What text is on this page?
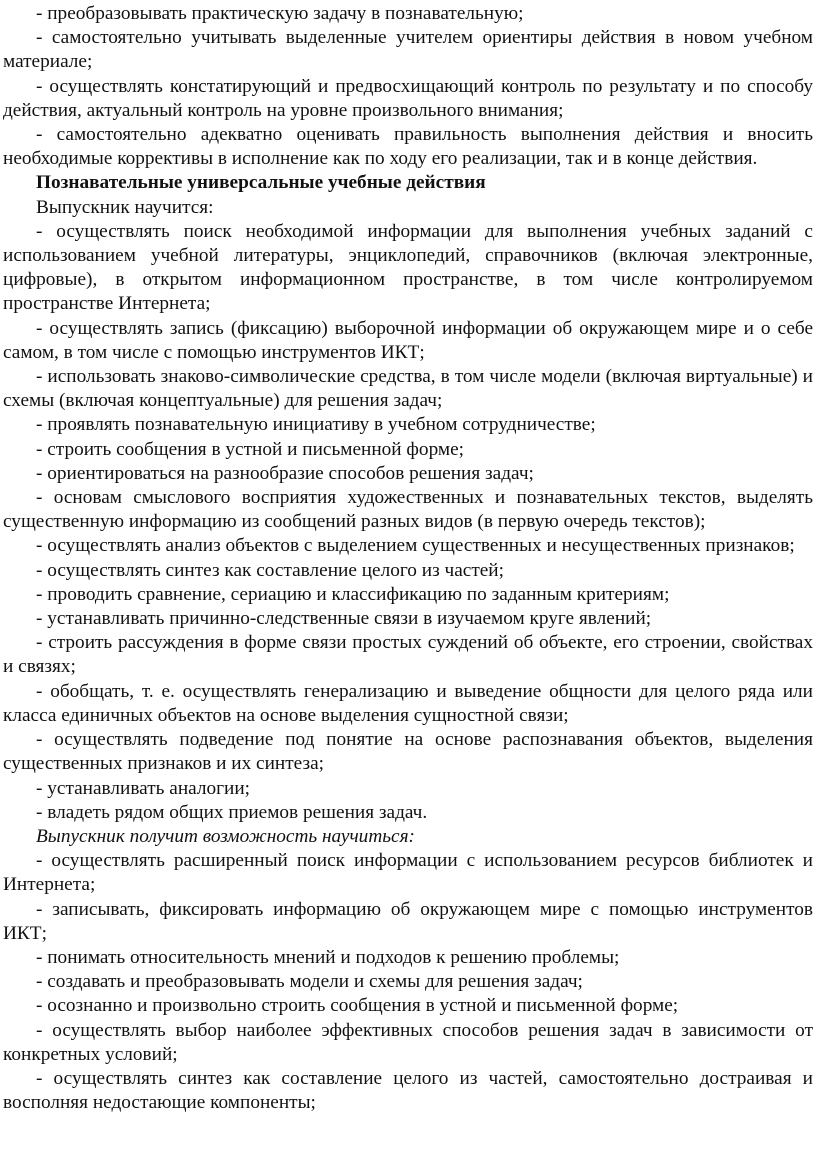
- преобразовывать практическую задачу в познавательную;

- самостоятельно учитывать выделенные учителем ориентиры действия в новом учебном материале;

- осуществлять констатирующий и предвосхищающий контроль по результату и по способу действия, актуальный контроль на уровне произвольного внимания;

- самостоятельно адекватно оценивать правильность выполнения действия и вносить необходимые коррективы в исполнение как по ходу его реализации, так и в конце действия.

Познавательные универсальные учебные действия

Выпускник научится:

- осуществлять поиск необходимой информации для выполнения учебных заданий с использованием учебной литературы, энциклопедий, справочников (включая электронные, цифровые), в открытом информационном пространстве, в том числе контролируемом пространстве Интернета;

- осуществлять запись (фиксацию) выборочной информации об окружающем мире и о себе самом, в том числе с помощью инструментов ИКТ;

- использовать знаково-символические средства, в том числе модели (включая виртуальные) и схемы (включая концептуальные) для решения задач;

- проявлять познавательную инициативу в учебном сотрудничестве;

- строить сообщения в устной и письменной форме;

- ориентироваться на разнообразие способов решения задач;

- основам смыслового восприятия художественных и познавательных текстов, выделять существенную информацию из сообщений разных видов (в первую очередь текстов);

- осуществлять анализ объектов с выделением существенных и несущественных признаков;

- осуществлять синтез как составление целого из частей;

- проводить сравнение, сериацию и классификацию по заданным критериям;

- устанавливать причинно-следственные связи в изучаемом круге явлений;

- строить рассуждения в форме связи простых суждений об объекте, его строении, свойствах и связях;

- обобщать, т. е. осуществлять генерализацию и выведение общности для целого ряда или класса единичных объектов на основе выделения сущностной связи;

- осуществлять подведение под понятие на основе распознавания объектов, выделения существенных признаков и их синтеза;

- устанавливать аналогии;

- владеть рядом общих приемов решения задач.

Выпускник получит возможность научиться:

- осуществлять расширенный поиск информации с использованием ресурсов библиотек и Интернета;

- записывать, фиксировать информацию об окружающем мире с помощью инструментов ИКТ;

- понимать относительность мнений и подходов к решению проблемы;

- создавать и преобразовывать модели и схемы для решения задач;

- осознанно и произвольно строить сообщения в устной и письменной форме;

- осуществлять выбор наиболее эффективных способов решения задач в зависимости от конкретных условий;

- осуществлять синтез как составление целого из частей, самостоятельно достраивая и восполняя недостающие компоненты;
